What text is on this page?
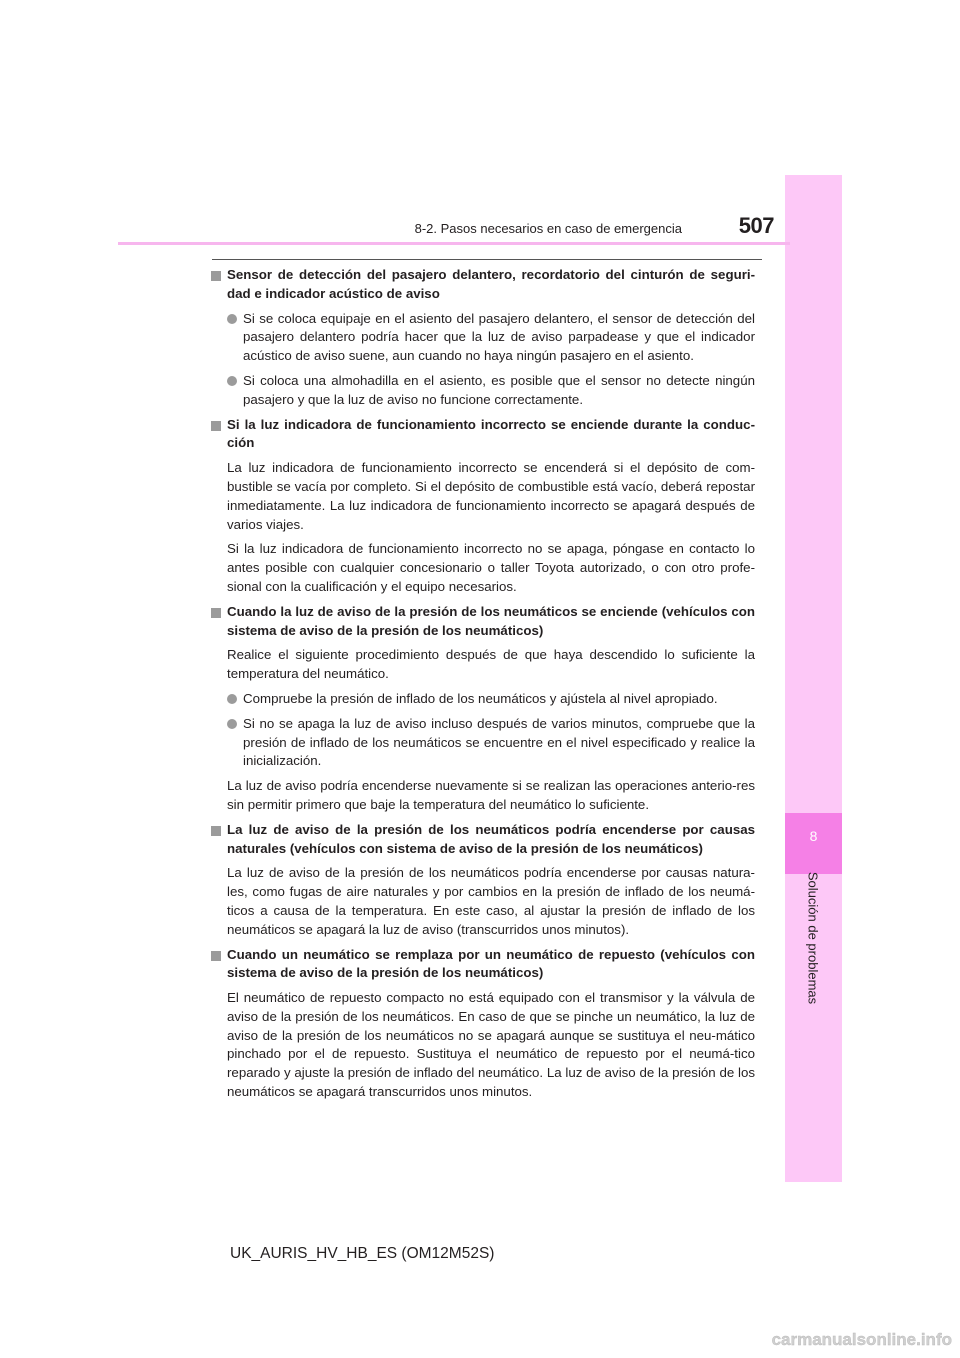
8
Solución de problemas
507
8-2. Pasos necesarios en caso de emergencia

Sensor de detección del pasajero delantero, recordatorio del cinturón de seguri-dad e indicador acústico de aviso

Si se coloca equipaje en el asiento del pasajero delantero, el sensor de detección del pasajero delantero podría hacer que la luz de aviso parpadease y que el indicador acústico de aviso suene, aun cuando no haya ningún pasajero en el asiento.

Si coloca una almohadilla en el asiento, es posible que el sensor no detecte ningún pasajero y que la luz de aviso no funcione correctamente.

Si la luz indicadora de funcionamiento incorrecto se enciende durante la conduc-ción

La luz indicadora de funcionamiento incorrecto se encenderá si el depósito de com-bustible se vacía por completo. Si el depósito de combustible está vacío, deberá repostar inmediatamente. La luz indicadora de funcionamiento incorrecto se apagará después de varios viajes.

Si la luz indicadora de funcionamiento incorrecto no se apaga, póngase en contacto lo antes posible con cualquier concesionario o taller Toyota autorizado, o con otro profe-sional con la cualificación y el equipo necesarios.

Cuando la luz de aviso de la presión de los neumáticos se enciende (vehículos con sistema de aviso de la presión de los neumáticos)

Realice el siguiente procedimiento después de que haya descendido lo suficiente la temperatura del neumático.

Compruebe la presión de inflado de los neumáticos y ajústela al nivel apropiado.

Si no se apaga la luz de aviso incluso después de varios minutos, compruebe que la presión de inflado de los neumáticos se encuentre en el nivel especificado y realice la inicialización.

La luz de aviso podría encenderse nuevamente si se realizan las operaciones anterio-res sin permitir primero que baje la temperatura del neumático lo suficiente.

La luz de aviso de la presión de los neumáticos podría encenderse por causas naturales (vehículos con sistema de aviso de la presión de los neumáticos)

La luz de aviso de la presión de los neumáticos podría encenderse por causas natura-les, como fugas de aire naturales y por cambios en la presión de inflado de los neumá-ticos a causa de la temperatura. En este caso, al ajustar la presión de inflado de los neumáticos se apagará la luz de aviso (transcurridos unos minutos).

Cuando un neumático se remplaza por un neumático de repuesto (vehículos con sistema de aviso de la presión de los neumáticos)

El neumático de repuesto compacto no está equipado con el transmisor y la válvula de aviso de la presión de los neumáticos. En caso de que se pinche un neumático, la luz de aviso de la presión de los neumáticos no se apagará aunque se sustituya el neu-mático pinchado por el de repuesto. Sustituya el neumático de repuesto por el neumá-tico reparado y ajuste la presión de inflado del neumático. La luz de aviso de la presión de los neumáticos se apagará transcurridos unos minutos.

UK_AURIS_HV_HB_ES (OM12M52S)
carmanualsonline.info
